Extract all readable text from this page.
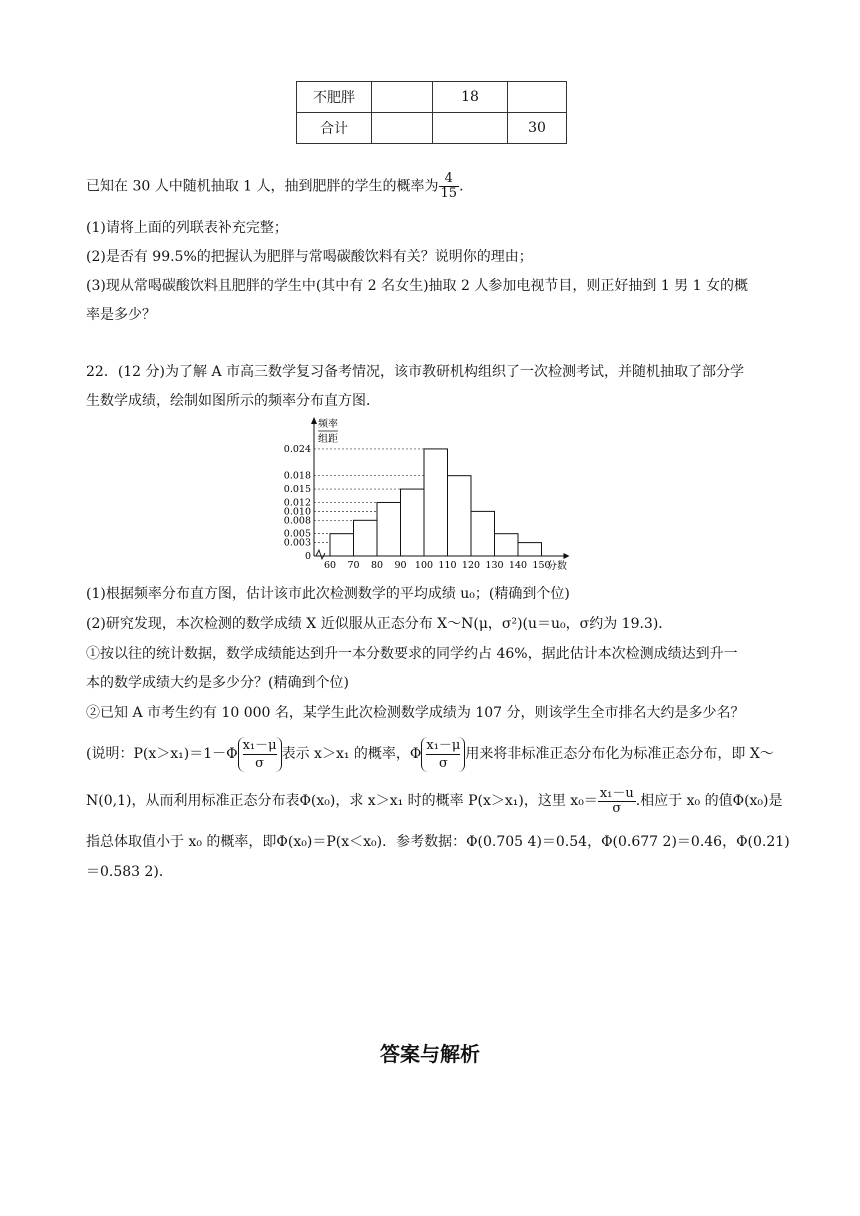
不肥胖		18	
合计			30
已知在 30 人中随机抽取 1 人，抽到肥胖的学生的概率为 $\frac{4}{15}$ .
(1)请将上面的列联表补充完整；
(2)是否有 99.5%的把握认为肥胖与常喝碳酸饮料有关？说明你的理由；
(3)现从常喝碳酸饮料且肥胖的学生中(其中有 2 名女生)抽取 2 人参加电视节目，则正好抽到 1 男 1 女的概
率是多少？
22．(12 分)为了解 A 市高三数学复习备考情况，该市教研机构组织了一次检测考试，并随机抽取了部分学
生数学成绩，绘制如图所示的频率分布直方图．
0
0.003
0.005
0.008
0.010
0.012
0.015
0.018
0.024
60 70 80 90 100 110 120 130 140 150
频率
组距
分数
(1)根据频率分布直方图，估计该市此次检测数学的平均成绩 u₀；(精确到个位)
(2)研究发现，本次检测的数学成绩 X 近似服从正态分布 X～N(μ，σ²)(u＝u₀，σ约为 19.3)．
①按以往的统计数据，数学成绩能达到升一本分数要求的同学约占 46%，据此估计本次检测成绩达到升一
本的数学成绩大约是多少分？(精确到个位)
②已知 A 市考生约有 10 000 名，某学生此次检测数学成绩为 107 分，则该学生全市排名大约是多少名？
(说明：$P(x>x_1)=1-\Phi \frac{\text{x₁－μ}}{\sigma}$ 表示 x＞x₁ 的概率，Φ $\frac{\text{x₁－μ}}{\sigma}$ 用来将非标准正态分布化为标准正态分布，即 X～
N(0,1)，从而利用标准正态分布表Φ(x₀)，求 x＞x₁ 时的概率 P(x＞x₁)，这里 $x_0= \frac{\text{x₁－u}}{\sigma}$ .相应于 x₀ 的值Φ(x₀)是
指总体取值小于 x₀ 的概率，即Φ(x₀)＝P(x＜x₀)．参考数据：Φ(0.705 4)＝0.54，Φ(0.677 2)＝0.46，Φ(0.21)
＝0.583 2)．
答案与解析
